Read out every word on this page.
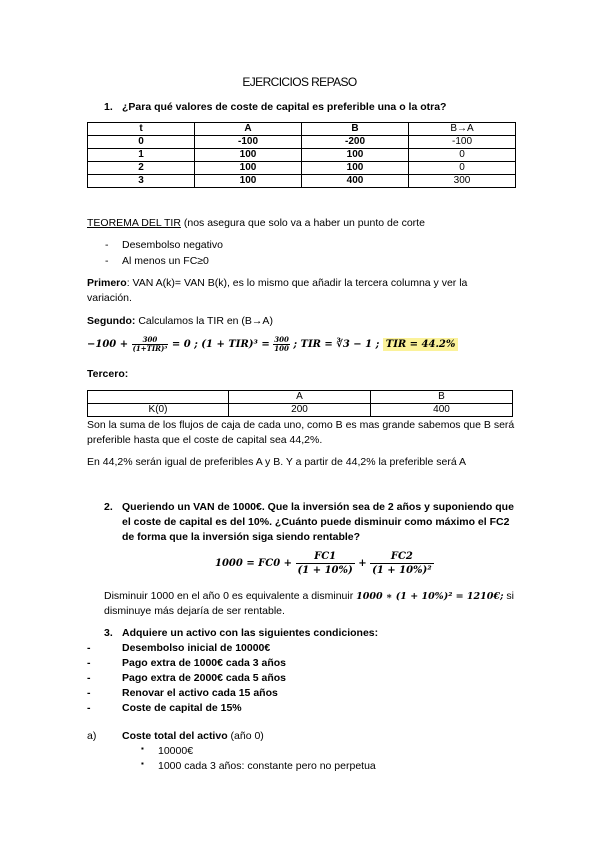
EJERCICIOS REPASO
1. ¿Para qué valores de coste de capital es preferible una o la otra?
t	A	B	B→A
0	-100	-200	-100
1	100	100	0
2	100	100	0
3	100	400	300
TEOREMA DEL TIR (nos asegura que solo va a haber un punto de corte
- Desembolso negativo
- Al menos un FC≥0
Primero: VAN A(k)= VAN B(k), es lo mismo que añadir la tercera columna y ver la
variación.
Segundo: Calculamos la TIR en (B→A)
$-100 + \frac{300}{\text{(1+TIR)³}} = 0$ ; $(1 + TIR)^3 = \frac{300}{100}$ ; TIR = ∛3 − 1 ; TIR = 44.2%
Tercero:
	A	B
K(0)	200	400
Son la suma de los flujos de caja de cada uno, como B es mas grande sabemos que B será
preferible hasta que el coste de capital sea 44,2%.
En 44,2% serán igual de preferibles A y B. Y a partir de 44,2% la preferible será A
2. Queriendo un VAN de 1000€. Que la inversión sea de 2 años y suponiendo que
el coste de capital es del 10%. ¿Cuánto puede disminuir como máximo el FC2
de forma que la inversión siga siendo rentable?
$1000 = FC0 + \frac{FC1}{(1 + 10\%)} + \frac{FC2}{\text{(1 + 10\%)²}}$
Disminuir 1000 en el año 0 es equivalente a disminuir 1000 ∗ (1 + 10%)² = 1210€; si
disminuye más dejaría de ser rentable.
3. Adquiere un activo con las siguientes condiciones:
-	Desembolso inicial de 10000€
-	Pago extra de 1000€ cada 3 años
-	Pago extra de 2000€ cada 5 años
-	Renovar el activo cada 15 años
-	Coste de capital de 15%
a) Coste total del activo (año 0)
▪ 10000€
▪ 1000 cada 3 años: constante pero no perpetua
